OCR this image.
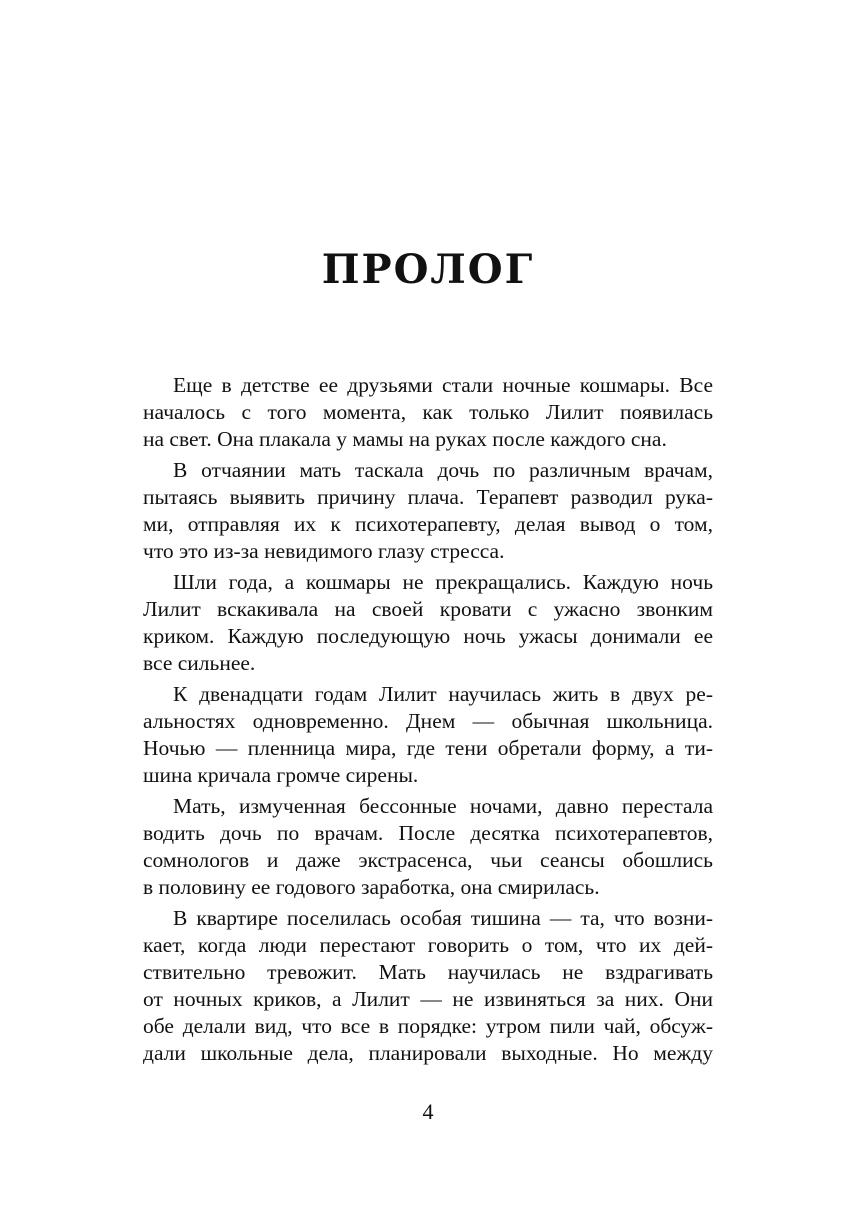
ПРОЛОГ

Еще в детстве ее друзьями стали ночные кошмары. Все
началось с того момента, как только Лилит появилась
на свет. Она плакала у мамы на руках после каждого сна.

В отчаянии мать таскала дочь по различным врачам,
пытаясь выявить причину плача. Терапевт разводил рука-
ми, отправляя их к психотерапевту, делая вывод о том,
что это из-за невидимого глазу стресса.

Шли года, а кошмары не прекращались. Каждую ночь
Лилит вскакивала на своей кровати с ужасно звонким
криком. Каждую последующую ночь ужасы донимали ее
все сильнее.

К двенадцати годам Лилит научилась жить в двух ре-
альностях одновременно. Днем — обычная школьница.
Ночью — пленница мира, где тени обретали форму, а ти-
шина кричала громче сирены.

Мать, измученная бессонные ночами, давно перестала
водить дочь по врачам. После десятка психотерапевтов,
сомнологов и даже экстрасенса, чьи сеансы обошлись
в половину ее годового заработка, она смирилась.

В квартире поселилась особая тишина — та, что возни-
кает, когда люди перестают говорить о том, что их дей-
ствительно тревожит. Мать научилась не вздрагивать
от ночных криков, а Лилит — не извиняться за них. Они
обе делали вид, что все в порядке: утром пили чай, обсуж-
дали школьные дела, планировали выходные. Но между

4
